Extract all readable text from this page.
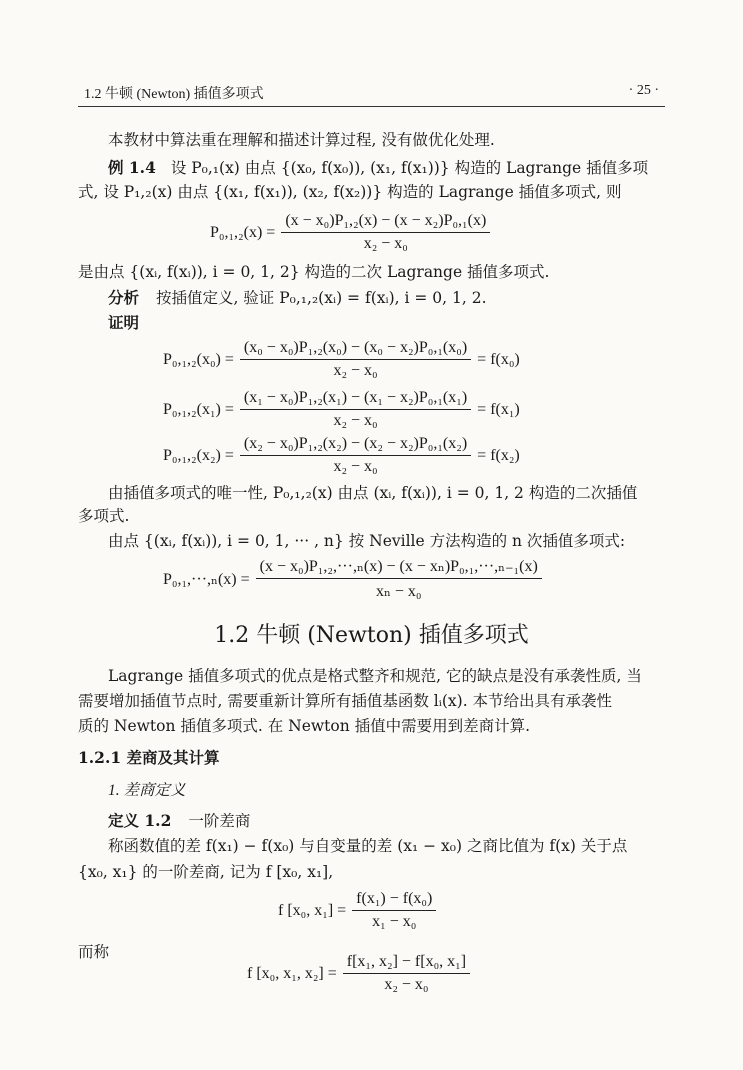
1.2 牛顿 (Newton) 插值多项式	· 25 ·
本教材中算法重在理解和描述计算过程, 没有做优化处理.
例 1.4 设 P₀,₁(x) 由点 {(x₀, f(x₀)), (x₁, f(x₁))} 构造的 Lagrange 插值多项
式, 设 P₁,₂(x) 由点 {(x₁, f(x₁)), (x₂, f(x₂))} 构造的 Lagrange 插值多项式, 则
$P_0,_1,_2(x) = \frac{\text{(x − x₀)P₁,₂(x) − (x − x₂)P₀,₁(x)}}{\text{x₂ − x₀}}$
是由点 {(xᵢ, f(xᵢ)), i = 0, 1, 2} 构造的二次 Lagrange 插值多项式.
分析 按插值定义, 验证 P₀,₁,₂(xᵢ) = f(xᵢ), i = 0, 1, 2.
证明
$P_0,_1,_2(x_0) = \frac{\text{(x₀ − x₀)P₁,₂(x₀) − (x₀ − x₂)P₀,₁(x₀)}}{\text{x₂ − x₀}} = f(x_0)$
$P_0,_1,_2(x_1) = \frac{\text{(x₁ − x₀)P₁,₂(x₁) − (x₁ − x₂)P₀,₁(x₁)}}{\text{x₂ − x₀}} = f(x_1)$
$P_0,_1,_2(x_2) = \frac{\text{(x₂ − x₀)P₁,₂(x₂) − (x₂ − x₂)P₀,₁(x₂)}}{\text{x₂ − x₀}} = f(x_2)$
由插值多项式的唯一性, P₀,₁,₂(x) 由点 (xᵢ, f(xᵢ)), i = 0, 1, 2 构造的二次插值
多项式.
由点 {(xᵢ, f(xᵢ)), i = 0, 1, ··· , n} 按 Neville 方法构造的 n 次插值多项式:
$P_0,_1,\cdot\cdot\cdot,_n(x) = \frac{\text{(x − x₀)P₁,₂,···,ₙ(x) − (x − xₙ)P₀,₁,···,ₙ₋₁(x)}}{\text{xₙ − x₀}}$
1.2 牛顿 (Newton) 插值多项式
Lagrange 插值多项式的优点是格式整齐和规范, 它的缺点是没有承袭性质, 当
需要增加插值节点时, 需要重新计算所有插值基函数 lᵢ(x). 本节给出具有承袭性
质的 Newton 插值多项式. 在 Newton 插值中需要用到差商计算.
1.2.1 差商及其计算
1. 差商定义
定义 1.2 一阶差商
称函数值的差 f(x₁) − f(x₀) 与自变量的差 (x₁ − x₀) 之商比值为 f(x) 关于点
{x₀, x₁} 的一阶差商, 记为 f [x₀, x₁],
f [x₀, $x_1] = \frac{\text{f(x₁) − f(x₀)}}{\text{x₁ − x₀}}$
而称
f [x₀, x₁, $x_2] = \frac{\text{f[x₁, x₂] − f[x₀, x₁]}}{\text{x₂ − x₀}}$
